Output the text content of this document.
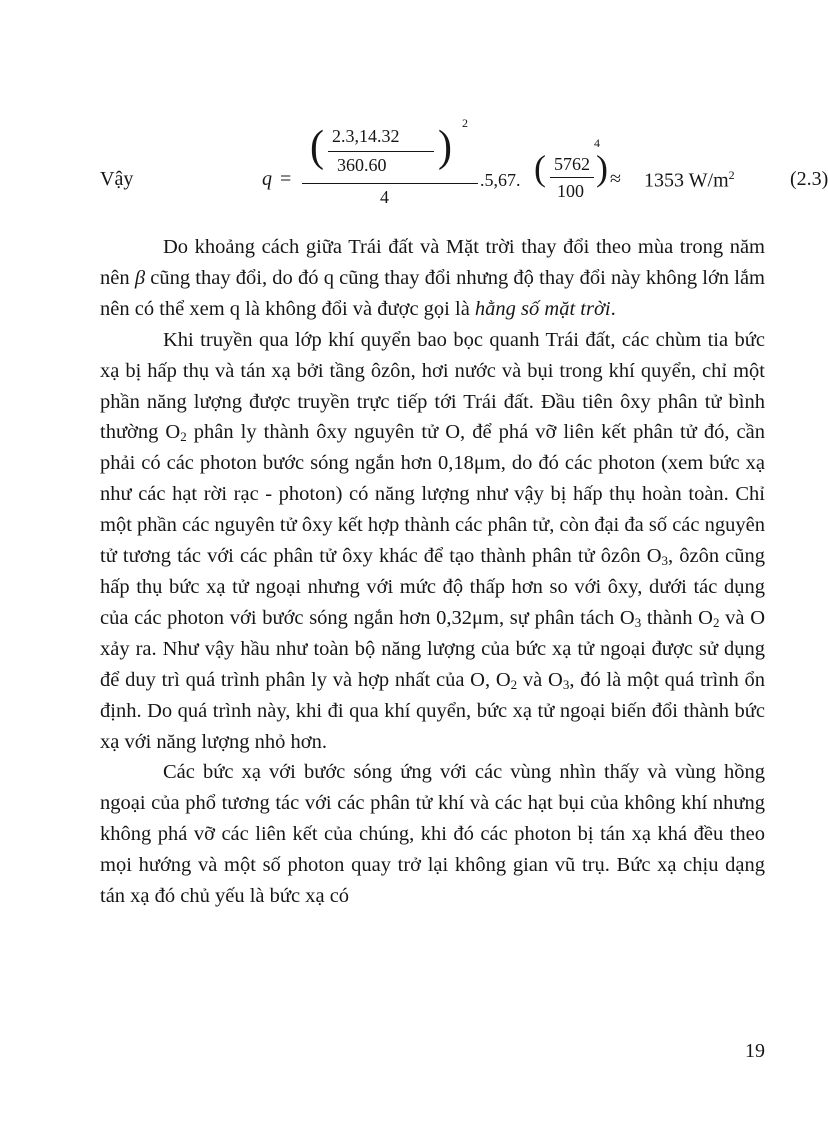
Vậy	q =
( 2.3,14.32
360.60 ) 2
4
.5,67. ( 5762
100
)
4
≈ 1353 $W/m^2$	(2.3)

Do khoảng cách giữa Trái đất và Mặt trời thay đổi theo mùa trong năm nên β cũng thay đổi, do đó q cũng thay đổi nhưng độ thay đổi này không lớn lắm nên có thể xem q là không đổi và được gọi là hằng số mặt trời.

Khi truyền qua lớp khí quyển bao bọc quanh Trái đất, các chùm tia bức xạ bị hấp thụ và tán xạ bởi tầng ôzôn, hơi nước và bụi trong khí quyển, chỉ một phần năng lượng được truyền trực tiếp tới Trái đất. Đầu tiên ôxy phân tử bình thường $O_2$ phân ly thành ôxy nguyên tử O, để phá vỡ liên kết phân tử đó, cần phải có các photon bước sóng ngắn hơn 0,18μm, do đó các photon (xem bức xạ như các hạt rời rạc ‑ photon) có năng lượng như vậy bị hấp thụ hoàn toàn. Chỉ một phần các nguyên tử ôxy kết hợp thành các phân tử, còn đại đa số các nguyên tử tương tác với các phân tử ôxy khác để tạo thành phân tử ôzôn $O_3$, ôzôn cũng hấp thụ bức xạ tử ngoại nhưng với mức độ thấp hơn so với ôxy, dưới tác dụng của các photon với bước sóng ngắn hơn 0,32μm, sự phân tách $O_3$ thành $O_2$ và O xảy ra. Như vậy hầu như toàn bộ năng lượng của bức xạ tử ngoại được sử dụng để duy trì quá trình phân ly và hợp nhất của O, $O_2$ và $O_3$, đó là một quá trình ổn định. Do quá trình này, khi đi qua khí quyển, bức xạ tử ngoại biến đổi thành bức xạ với năng lượng nhỏ hơn.

Các bức xạ với bước sóng ứng với các vùng nhìn thấy và vùng hồng ngoại của phổ tương tác với các phân tử khí và các hạt bụi của không khí nhưng không phá vỡ các liên kết của chúng, khi đó các photon bị tán xạ khá đều theo mọi hướng và một số photon quay trở lại không gian vũ trụ. Bức xạ chịu dạng tán xạ đó chủ yếu là bức xạ có

19
